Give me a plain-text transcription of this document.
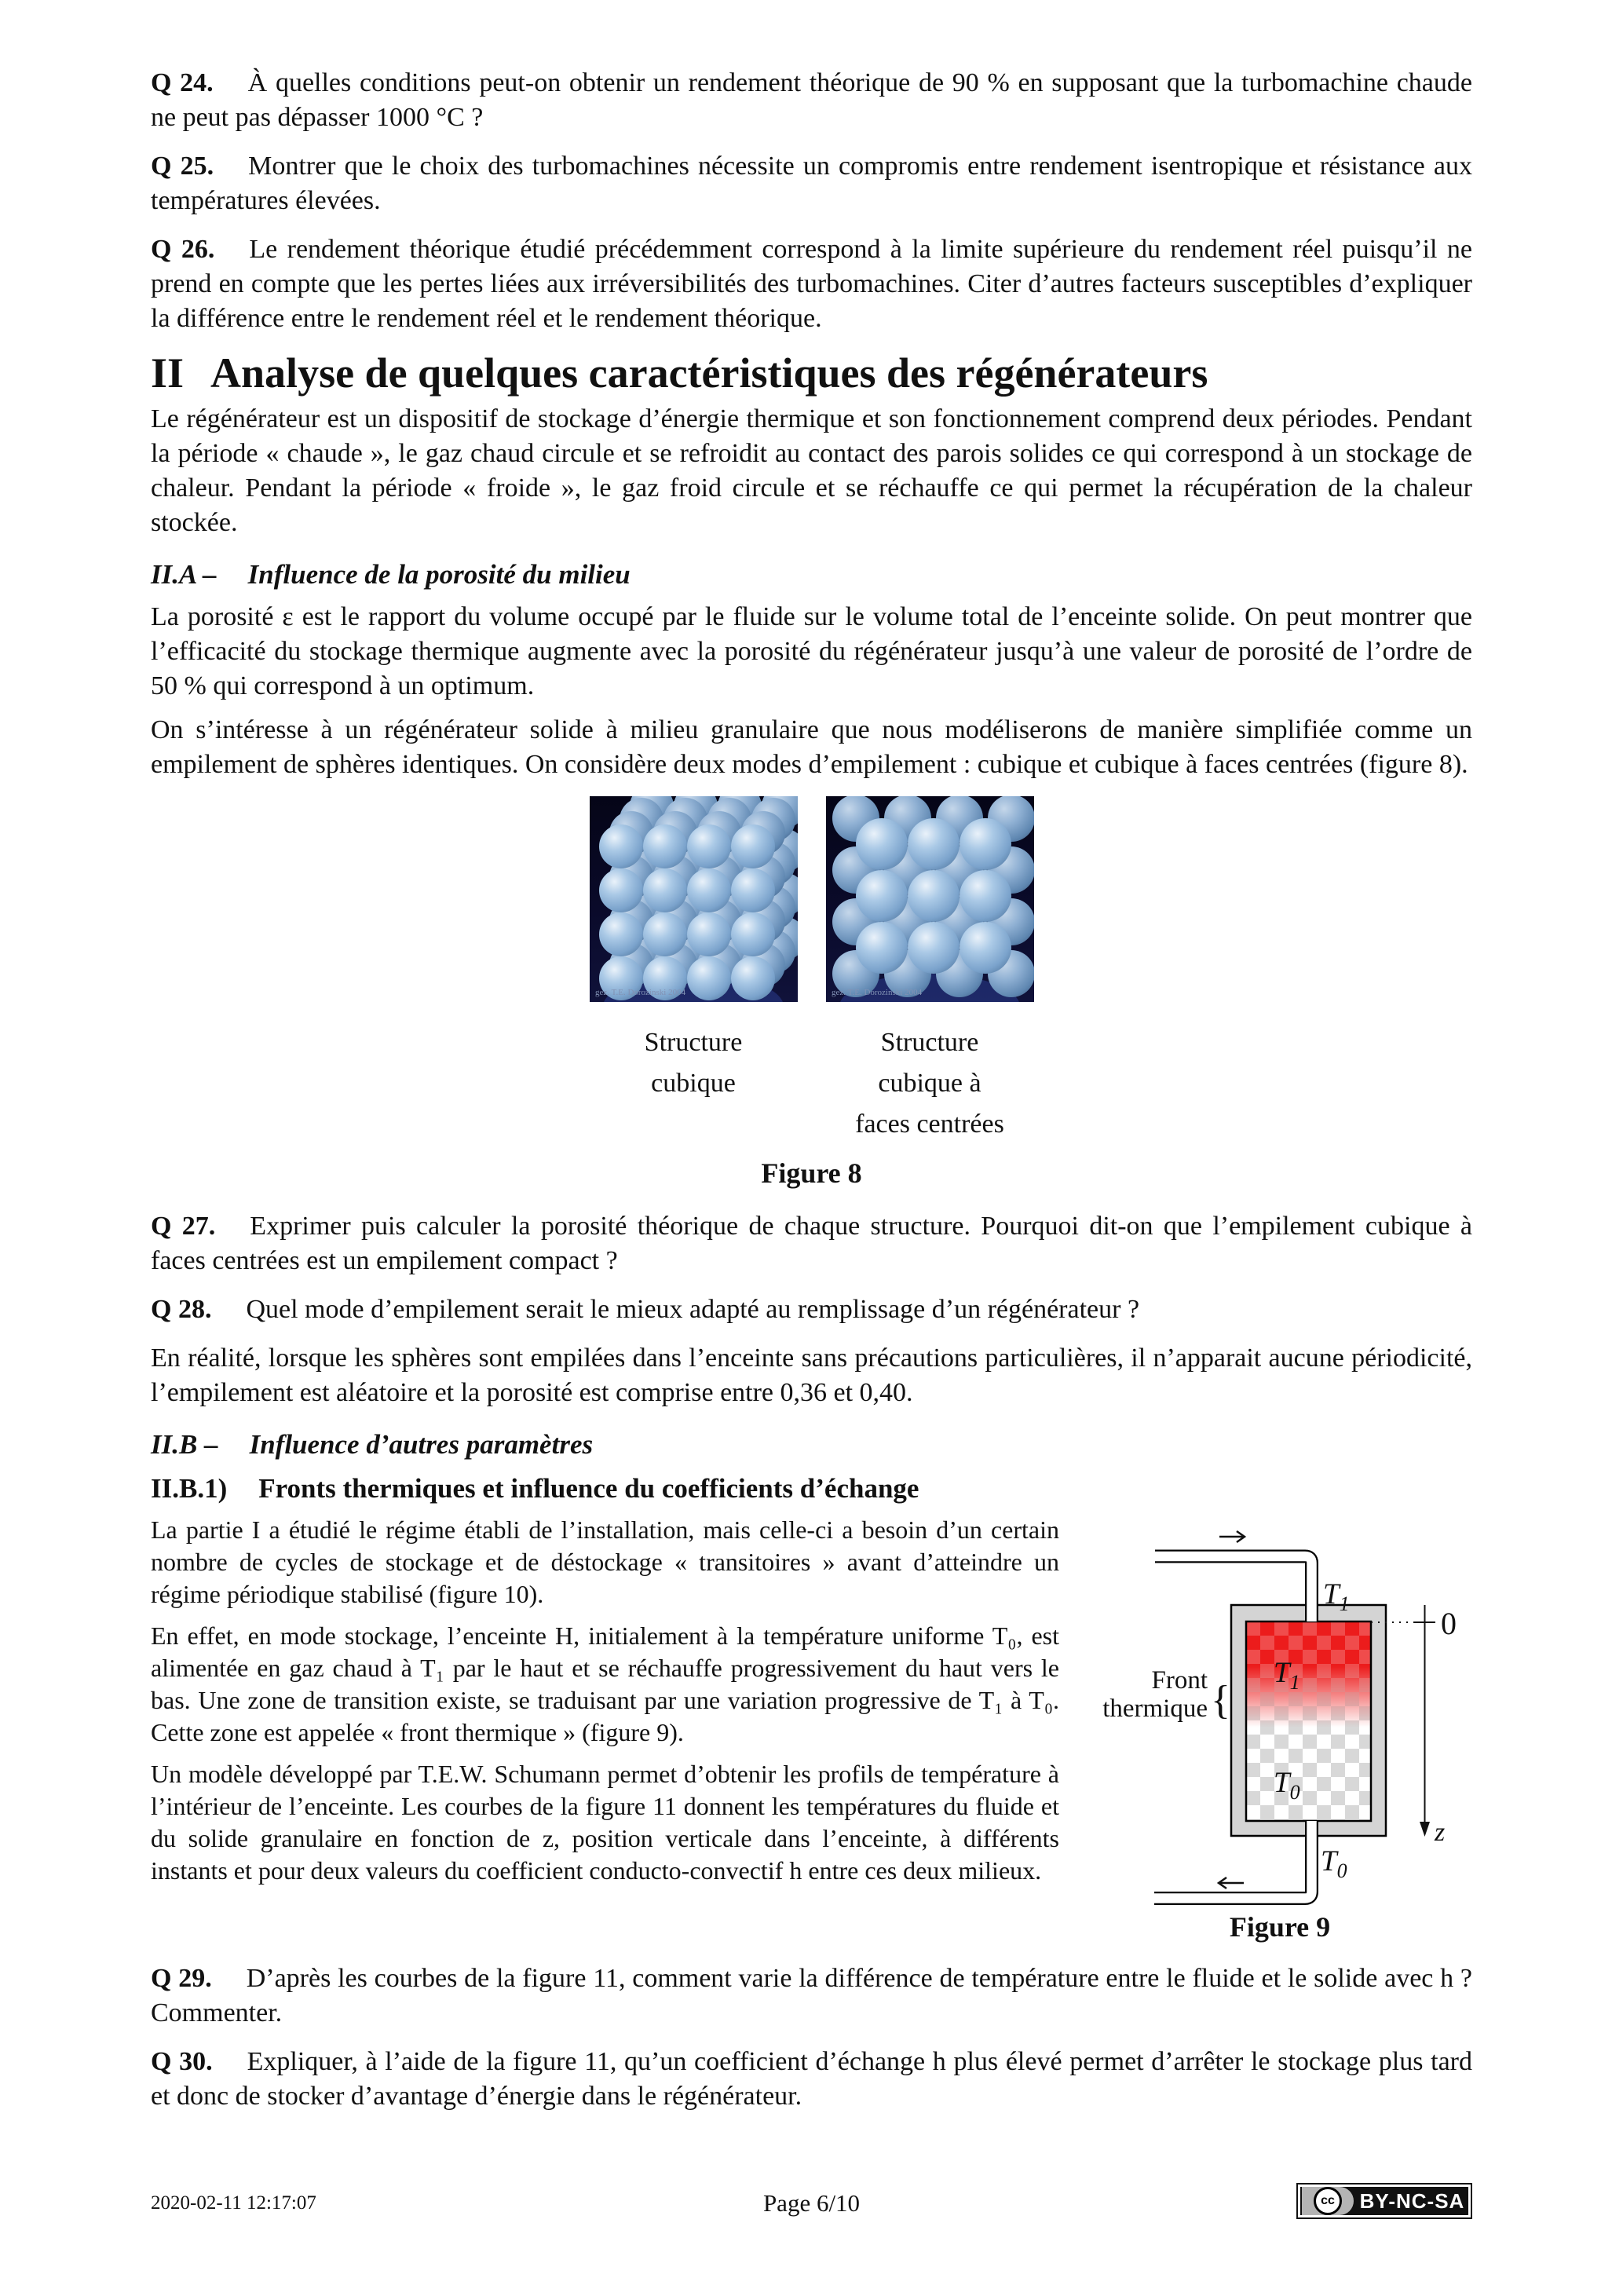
Q 24. À quelles conditions peut-on obtenir un rendement théorique de 90 % en supposant que la turbomachine chaude ne peut pas dépasser 1000 °C ?

Q 25. Montrer que le choix des turbomachines nécessite un compromis entre rendement isentropique et résistance aux températures élevées.

Q 26. Le rendement théorique étudié précédemment correspond à la limite supérieure du rendement réel puisqu’il ne prend en compte que les pertes liées aux irréversibilités des turbomachines. Citer d’autres facteurs susceptibles d’expliquer la différence entre le rendement réel et le rendement théorique.

II Analyse de quelques caractéristiques des régénérateurs

Le régénérateur est un dispositif de stockage d’énergie thermique et son fonctionnement comprend deux périodes. Pendant la période « chaude », le gaz chaud circule et se refroidit au contact des parois solides ce qui correspond à un stockage de chaleur. Pendant la période « froide », le gaz froid circule et se réchauffe ce qui permet la récupération de la chaleur stockée.

II.A – Influence de la porosité du milieu

La porosité ε est le rapport du volume occupé par le fluide sur le volume total de l’enceinte solide. On peut montrer que l’efficacité du stockage thermique augmente avec la porosité du régénérateur jusqu’à une valeur de porosité de l’ordre de 50 % qui correspond à un optimum.

On s’intéresse à un régénérateur solide à milieu granulaire que nous modéliserons de manière simplifiée comme un empilement de sphères identiques. On considère deux modes d’empilement : cubique et cubique à faces centrées (figure 8).

gez. T.E. Dorozinski 2004	gez. T.E. Dorozinski 2004
Structure
cubique
Structure
cubique à
faces centrées
Figure 8

Q 27. Exprimer puis calculer la porosité théorique de chaque structure. Pourquoi dit-on que l’empilement cubique à faces centrées est un empilement compact ?

Q 28. Quel mode d’empilement serait le mieux adapté au remplissage d’un régénérateur ?

En réalité, lorsque les sphères sont empilées dans l’enceinte sans précautions particulières, il n’apparait aucune périodicité, l’empilement est aléatoire et la porosité est comprise entre 0,36 et 0,40.

II.B – Influence d’autres paramètres
II.B.1) Fronts thermiques et influence du coefficients d’échange
$T_1$
$T_1$
$T_0$
$T_0$
Front
thermique {
0
z
Figure 9

La partie I a étudié le régime établi de l’installation, mais celle-ci a besoin d’un certain nombre de cycles de stockage et de déstockage « transitoires » avant d’atteindre un régime périodique stabilisé (figure 10).

En effet, en mode stockage, l’enceinte H, initialement à la température uniforme T₀, est alimentée en gaz chaud à T₁ par le haut et se réchauffe progressivement du haut vers le bas. Une zone de transition existe, se traduisant par une variation progressive de T₁ à T₀. Cette zone est appelée « front thermique » (figure 9).

Un modèle développé par T.E.W. Schumann permet d’obtenir les profils de température à l’intérieur de l’enceinte. Les courbes de la figure 11 donnent les températures du fluide et du solide granulaire en fonction de z, position verticale dans l’enceinte, à différents instants et pour deux valeurs du coefficient conducto-convectif h entre ces deux milieux.

Q 29. D’après les courbes de la figure 11, comment varie la différence de température entre le fluide et le solide avec h ? Commenter.

Q 30. Expliquer, à l’aide de la figure 11, qu’un coefficient d’échange h plus élevé permet d’arrêter le stockage plus tard et donc de stocker d’avantage d’énergie dans le régénérateur.

2020-02-11 12:17:07	Page 6/10	cc	BY-NC-SA
